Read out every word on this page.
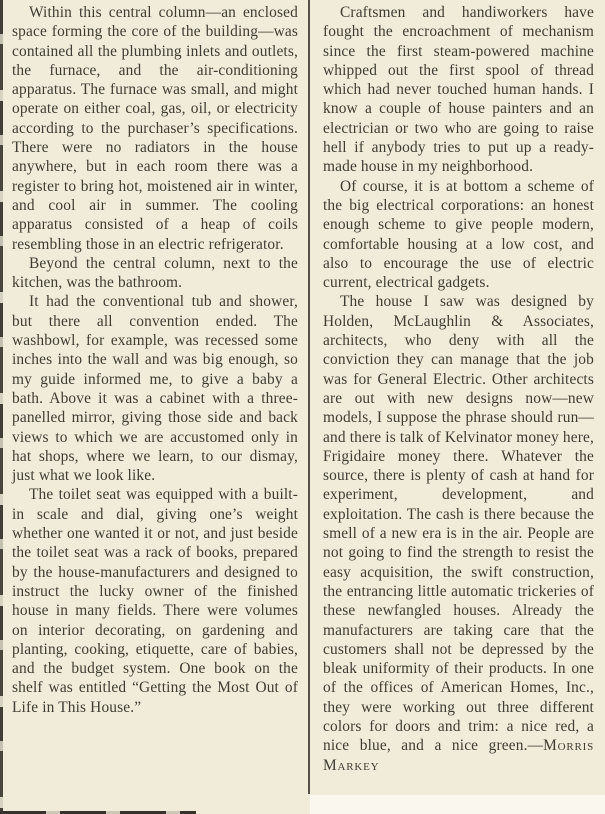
Within this central column—an enclosed space forming the core of the building—was contained all the plumbing inlets and outlets, the furnace, and the air-conditioning apparatus. The furnace was small, and might operate on either coal, gas, oil, or electricity according to the purchaser’s specifications. There were no radiators in the house anywhere, but in each room there was a register to bring hot, moistened air in winter, and cool air in summer. The cooling apparatus consisted of a heap of coils resembling those in an electric refrigerator.

Beyond the central column, next to the kitchen, was the bathroom.

It had the conventional tub and shower, but there all convention ended. The washbowl, for example, was recessed some inches into the wall and was big enough, so my guide informed me, to give a baby a bath. Above it was a cabinet with a three-panelled mirror, giving those side and back views to which we are accustomed only in hat shops, where we learn, to our dismay, just what we look like.

The toilet seat was equipped with a built-in scale and dial, giving one’s weight whether one wanted it or not, and just beside the toilet seat was a rack of books, prepared by the house-manufacturers and designed to instruct the lucky owner of the finished house in many fields. There were volumes on interior decorating, on gardening and planting, cooking, etiquette, care of babies, and the budget system. One book on the shelf was entitled “Getting the Most Out of Life in This House.”

Craftsmen and handiworkers have fought the encroachment of mechanism since the first steam-powered machine whipped out the first spool of thread which had never touched human hands. I know a couple of house painters and an electrician or two who are going to raise hell if anybody tries to put up a ready-made house in my neighborhood.

Of course, it is at bottom a scheme of the big electrical corporations: an honest enough scheme to give people modern, comfortable housing at a low cost, and also to encourage the use of electric current, electrical gadgets.

The house I saw was designed by Holden, McLaughlin & Associates, architects, who deny with all the conviction they can manage that the job was for General Electric. Other architects are out with new designs now—new models, I suppose the phrase should run—and there is talk of Kelvinator money here, Frigidaire money there. Whatever the source, there is plenty of cash at hand for experiment, development, and exploitation. The cash is there because the smell of a new era is in the air. People are not going to find the strength to resist the easy acquisition, the swift construction, the entrancing little automatic trickeries of these newfangled houses. Already the manufacturers are taking care that the customers shall not be depressed by the bleak uniformity of their products. In one of the offices of American Homes, Inc., they were working out three different colors for doors and trim: a nice red, a nice blue, and a nice green.—Morris Markey
